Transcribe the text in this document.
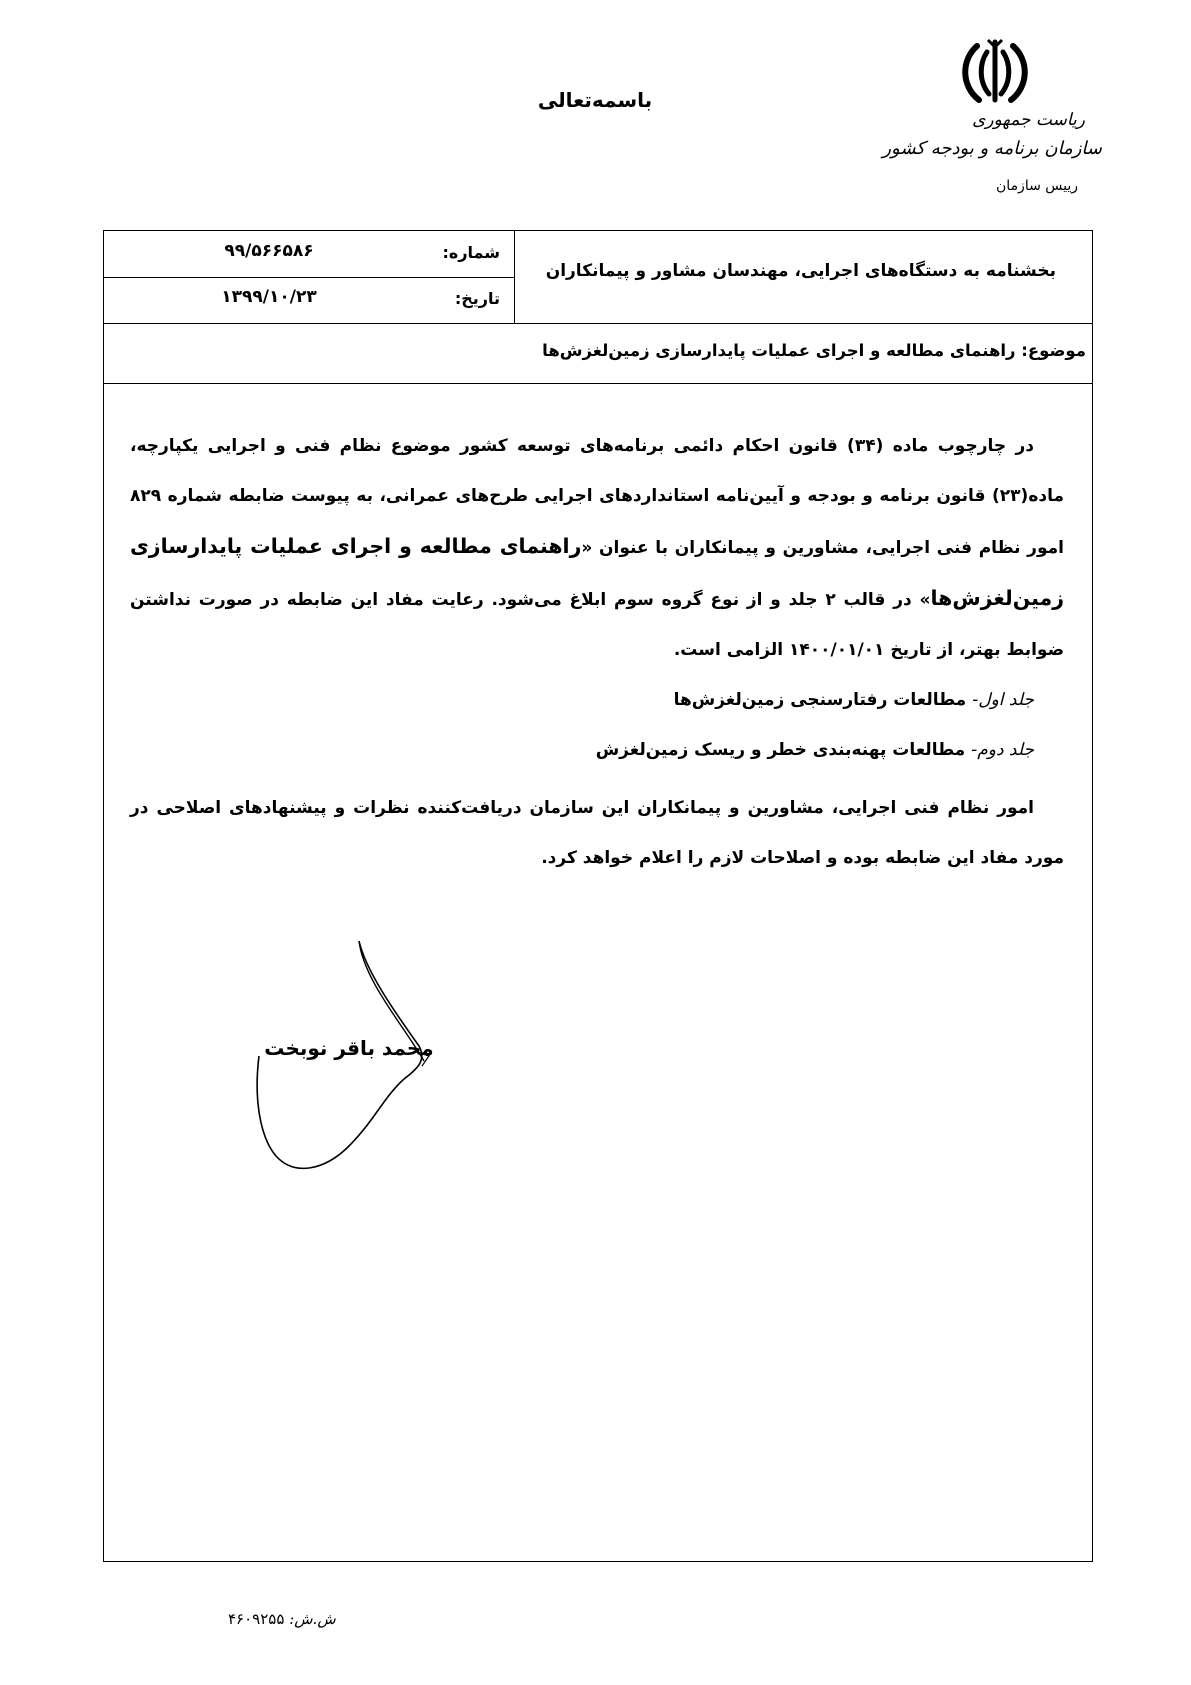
باسمه‌تعالی
ریاست جمهوری
سازمان برنامه و بودجه کشور
رییس سازمان
بخشنامه به دستگاه‌های اجرایی، مهندسان مشاور و پیمانکاران
شماره:
۹۹/۵۶۶۵۸۶
تاریخ:
۱۳۹۹/۱۰/۲۳
موضوع: راهنمای مطالعه و اجرای عملیات پایدارسازی زمین‌لغزش‌ها

در چارچوب ماده (۳۴) قانون احکام دائمی برنامه‌های توسعه کشور موضوع نظام فنی و اجرایی یکپارچه، ماده(۲۳) قانون برنامه و بودجه و آیین‌نامه استانداردهای اجرایی طرح‌های عمرانی، به پیوست ضابطه شماره ۸۲۹ امور نظام فنی اجرایی، مشاورین و پیمانکاران با عنوان «راهنمای مطالعه و اجرای عملیات پایدارسازی زمین‌لغزش‌ها» در قالب ۲ جلد و از نوع گروه سوم ابلاغ می‌شود. رعایت مفاد این ضابطه در صورت نداشتن ضوابط بهتر، از تاریخ ۱۴۰۰/۰۱/۰۱ الزامی است.

جلد اول- مطالعات رفتارسنجی زمین‌لغزش‌ها

جلد دوم- مطالعات پهنه‌بندی خطر و ریسک زمین‌لغزش

امور نظام فنی اجرایی، مشاورین و پیمانکاران این سازمان دریافت‌کننده نظرات و پیشنهادهای اصلاحی در مورد مفاد این ضابطه بوده و اصلاحات لازم را اعلام خواهد کرد.

محمد باقر نوبخت
ش.ش: ۴۶۰۹۲۵۵
